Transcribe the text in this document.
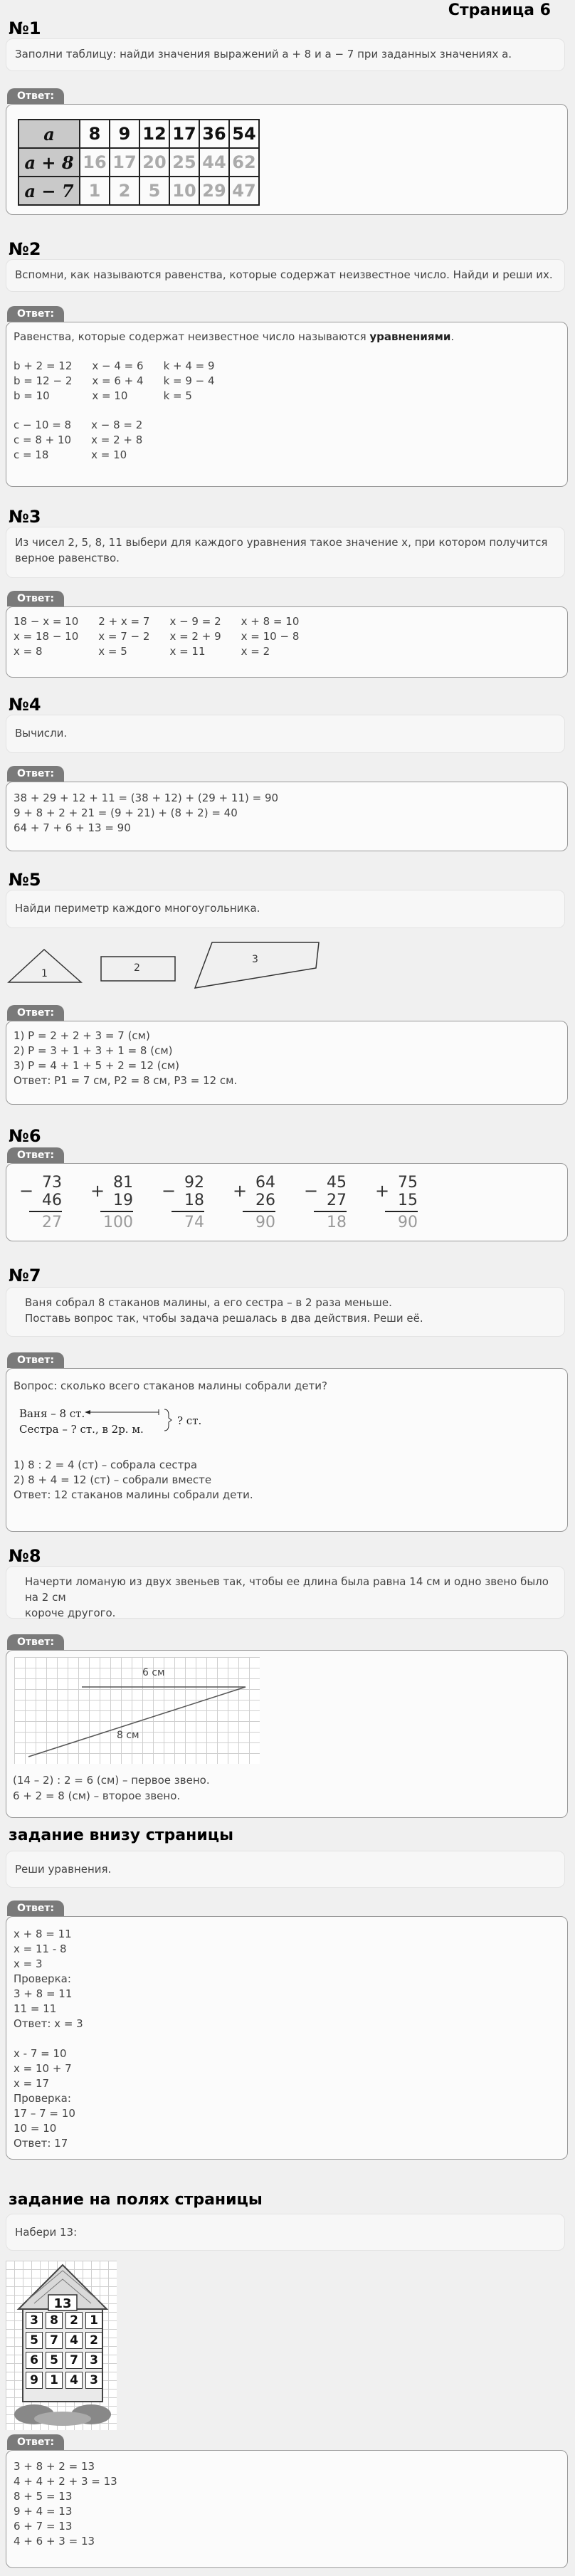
Страница 6
№1
Заполни таблицу: найди значения выражений a + 8 и a − 7 при заданных значениях a.
Ответ:
a	8	9	12	17	36	54
a + 8	16	17	20	25	44	62
a − 7	1	2	5	10	29	47
№2
Вспомни, как называются равенства, которые содержат неизвестное число. Найди и реши их.
Ответ:
Равенства, которые содержат неизвестное число называются уравнениями.
b + 2 = 12
b = 12 − 2
b = 10
x − 4 = 6
x = 6 + 4
x = 10
k + 4 = 9
k = 9 − 4
k = 5
c − 10 = 8
c = 8 + 10
c = 18
x − 8 = 2
x = 2 + 8
x = 10
№3
Из чисел 2, 5, 8, 11 выбери для каждого уравнения такое значение x, при котором получится верное равенство.
Ответ:
18 − x = 10
x = 18 − 10
x = 8
2 + x = 7
x = 7 − 2
x = 5
x − 9 = 2
x = 2 + 9
x = 11
x + 8 = 10
x = 10 − 8
x = 2
№4
Вычисли.
Ответ:
38 + 29 + 12 + 11 = (38 + 12) + (29 + 11) = 90
9 + 8 + 2 + 21 = (9 + 21) + (8 + 2) = 40
64 + 7 + 6 + 13 = 90
№5
Найди периметр каждого многоугольника.
1	2
3
Ответ:
1) P = 2 + 2 + 3 = 7 (см)
2) P = 3 + 1 + 3 + 1 = 8 (см)
3) P = 4 + 1 + 5 + 2 = 12 (см)
Ответ: P1 = 7 см, P2 = 8 см, P3 = 12 см.
№6
Ответ:
− 73
46
27
+ 81
19
100
− 92
18
74
+ 64
26
90
− 45
27
18
+ 75
15
90
№7
Ваня собрал 8 стаканов малины, а его сестра – в 2 раза меньше.
Поставь вопрос так, чтобы задача решалась в два действия. Реши её.
Ответ:
Вопрос: сколько всего стаканов малины собрали дети?
Ваня – 8 ст.
Сестра – ? ст., в 2р. м.
? ст.
1) 8 : 2 = 4 (ст) – собрала сестра
2) 8 + 4 = 12 (ст) – собрали вместе
Ответ: 12 стаканов малины собрали дети.
№8
Начерти ломаную из двух звеньев так, чтобы ее длина была равна 14 см и одно звено было на 2 см
короче другого.
Ответ:
6 см
8 см
(14 – 2) : 2 = 6 (см) – первое звено.
6 + 2 = 8 (см) – второе звено.
задание внизу страницы
Реши уравнения.
Ответ:
x + 8 = 11
x = 11 - 8
x = 3
Проверка:
3 + 8 = 11
11 = 11
Ответ: x = 3
x - 7 = 10
x = 10 + 7
x = 17
Проверка:
17 – 7 = 10
10 = 10
Ответ: 17
задание на полях страницы
Набери 13:
13
3 8 2 1
5 7 4 2
6 5 7 3
9 1 4 3
Ответ:
3 + 8 + 2 = 13
4 + 4 + 2 + 3 = 13
8 + 5 = 13
9 + 4 = 13
6 + 7 = 13
4 + 6 + 3 = 13
